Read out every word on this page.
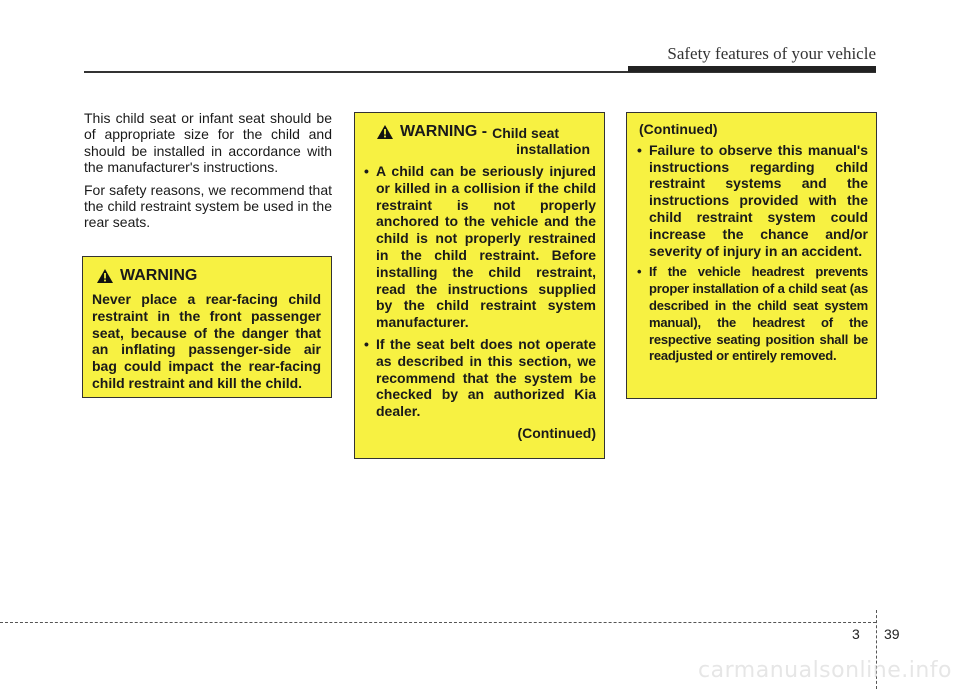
Safety features of your vehicle

This child seat or infant seat should be of appropriate size for the child and should be installed in accordance with the manufacturer's instructions.

For safety reasons, we recommend that the child restraint system be used in the rear seats.

WARNING
Never place a rear-facing child restraint in the front passenger seat, because of the danger that an inflating passenger-side air bag could impact the rear-facing child restraint and kill the child.
WARNING - Child seat
installation
• A child can be seriously injured or killed in a collision if the child restraint is not properly anchored to the vehicle and the child is not properly restrained in the child restraint. Before installing the child restraint, read the instructions supplied by the child restraint system manufacturer.
• If the seat belt does not operate as described in this section, we recommend that the system be checked by an authorized Kia dealer.
(Continued)
(Continued)
• Failure to observe this manual's instructions regarding child restraint systems and the instructions provided with the child restraint system could increase the chance and/or severity of injury in an accident.
• If the vehicle headrest prevents proper installation of a child seat (as described in the child seat system manual), the headrest of the respective seating position shall be readjusted or entirely removed.
3 39
carmanualsonline.info
